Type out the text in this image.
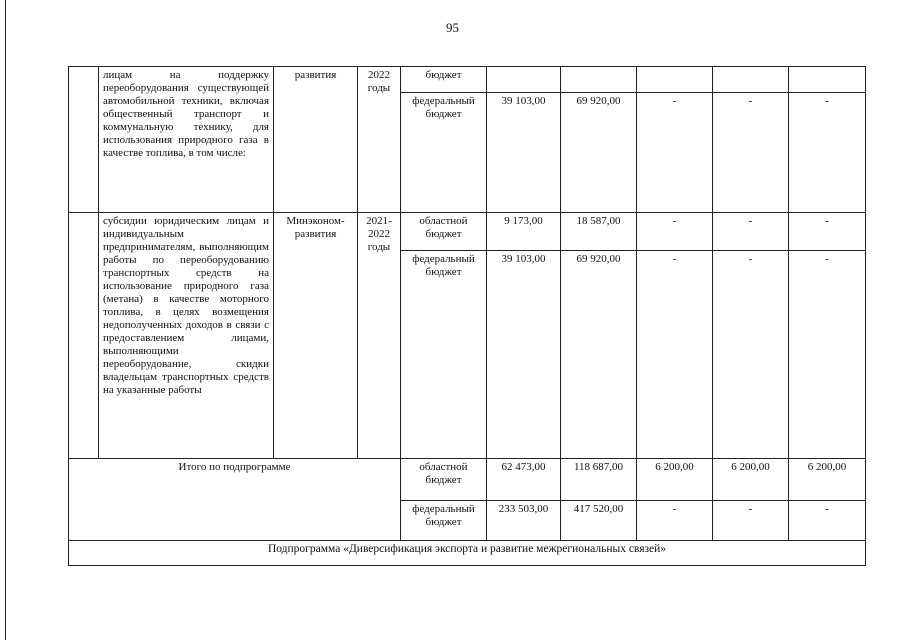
95
	лицам на поддержку переоборудования существующей автомобильной техники, включая общественный транспорт и коммунальную технику, для использования природного газа в качестве топлива, в том числе:	развития	2022 годы	бюджет					
				федеральный бюджет	39 103,00	69 920,00	-	-	-
	субсидии юридическим лицам и индивидуальным предпринимателям, выполняющим работы по переоборудованию транспортных средств на использование природного газа (метана) в качестве моторного топлива, в целях возмещения недополученных доходов в связи с предоставлением лицами, выполняющими переоборудование, скидки владельцам транспортных средств на указанные работы	Минэконом-развития	2021-2022 годы	областной бюджет	9 173,00	18 587,00	-	-	-
				федеральный бюджет	39 103,00	69 920,00	-	-	-
Итого по подпрограмме				областной бюджет	62 473,00	118 687,00	6 200,00	6 200,00	6 200,00
				федеральный бюджет	233 503,00	417 520,00	-	-	-
Подпрограмма «Диверсификация экспорта и развитие межрегиональных связей»									
